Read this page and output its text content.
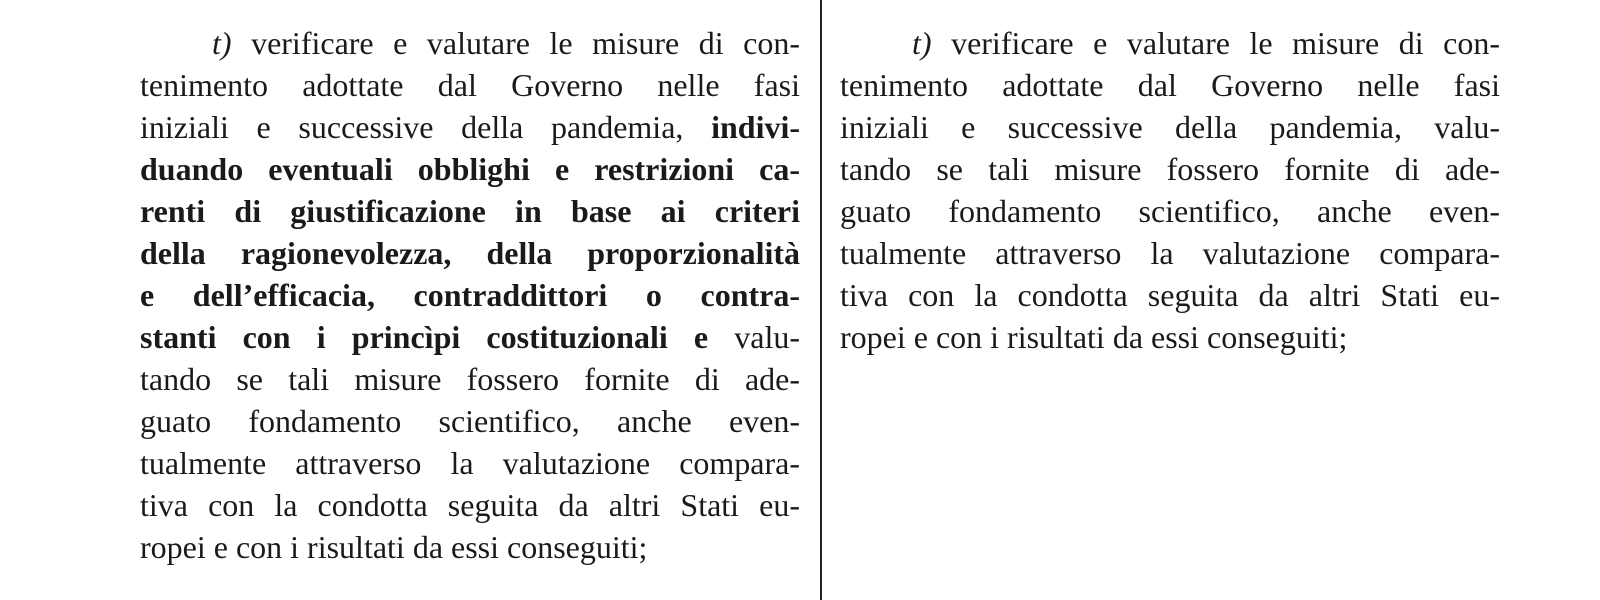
t) verificare e valutare le misure di con-
tenimento adottate dal Governo nelle fasi
iniziali e successive della pandemia, indivi-
duando eventuali obblighi e restrizioni ca-
renti di giustificazione in base ai criteri
della ragionevolezza, della proporzionalità
e dell’efficacia, contraddittori o contra-
stanti con i princìpi costituzionali e valu-
tando se tali misure fossero fornite di ade-
guato fondamento scientifico, anche even-
tualmente attraverso la valutazione compara-
tiva con la condotta seguita da altri Stati eu-
ropei e con i risultati da essi conseguiti;
t) verificare e valutare le misure di con-
tenimento adottate dal Governo nelle fasi
iniziali e successive della pandemia, valu-
tando se tali misure fossero fornite di ade-
guato fondamento scientifico, anche even-
tualmente attraverso la valutazione compara-
tiva con la condotta seguita da altri Stati eu-
ropei e con i risultati da essi conseguiti;
